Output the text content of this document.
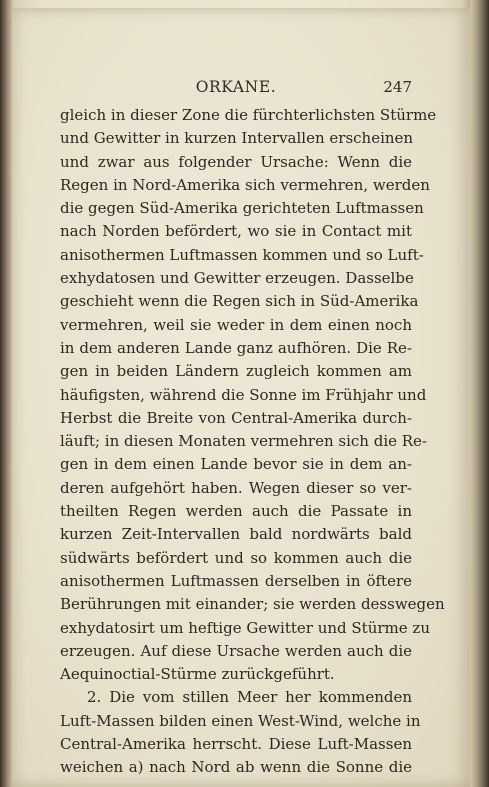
ORKANE.	247
gleich in dieser Zone die fürchterlichsten Stürme
und Gewitter in kurzen Intervallen erscheinen
und zwar aus folgender Ursache: Wenn die
Regen in Nord-Amerika sich vermehren, werden
die gegen Süd-Amerika gerichteten Luftmassen
nach Norden befördert, wo sie in Contact mit
anisothermen Luftmassen kommen und so Luft-
exhydatosen und Gewitter erzeugen. Dasselbe
geschieht wenn die Regen sich in Süd-Amerika
vermehren, weil sie weder in dem einen noch
in dem anderen Lande ganz aufhören. Die Re-
gen in beiden Ländern zugleich kommen am
häufigsten, während die Sonne im Frühjahr und
Herbst die Breite von Central-Amerika durch-
läuft; in diesen Monaten vermehren sich die Re-
gen in dem einen Lande bevor sie in dem an-
deren aufgehört haben. Wegen dieser so ver-
theilten Regen werden auch die Passate in
kurzen Zeit-Intervallen bald nordwärts bald
südwärts befördert und so kommen auch die
anisothermen Luftmassen derselben in öftere
Berührungen mit einander; sie werden desswegen
exhydatosirt um heftige Gewitter und Stürme zu
erzeugen. Auf diese Ursache werden auch die
Aequinoctial-Stürme zurückgeführt.
2. Die vom stillen Meer her kommenden
Luft-Massen bilden einen West-Wind, welche in
Central-Amerika herrscht. Diese Luft-Massen
weichen a) nach Nord ab wenn die Sonne die
